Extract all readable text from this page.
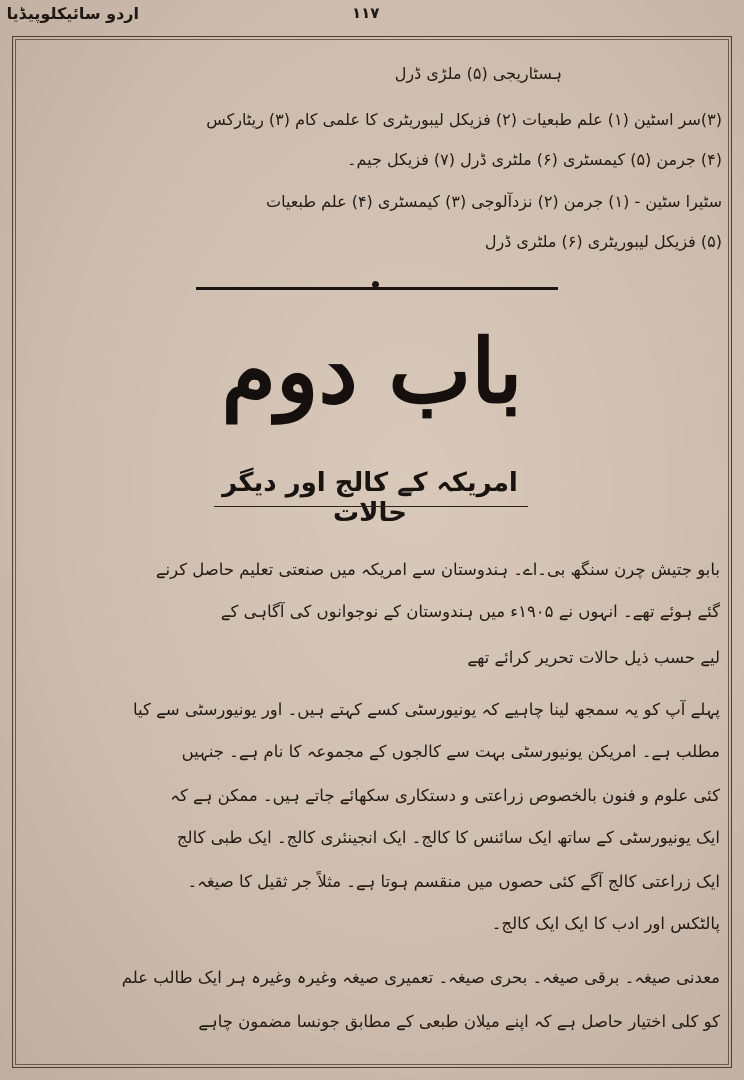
اردو سائیکلوپیڈیا	۱۱۷
ہسٹاریجی (۵) ملڑی ڈرل
(۳)سر اسٹین (۱) علم طبعیات (۲) فزیکل لیبوریٹری کا علمی کام (۳) ریٹارکس
(۴) جرمن (۵) کیمسٹری (۶) ملٹری ڈرل (۷) فزیکل جیم۔
سٹیرا سٹین - (۱) جرمن (۲) نزدآلوجی (۳) کیمسٹری (۴) علم طبعیات
(۵) فزیکل لیبوریٹری (۶) ملٹری ڈرل
باب دوم
امریکہ کے کالج اور دیگر حالات
بابو جتیش چرن سنگھ بی۔اے۔ ہندوستان سے امریکہ میں صنعتی تعلیم حاصل کرنے
گئے ہوئے تھے۔ انہوں نے ۱۹۰۵ء میں ہندوستان کے نوجوانوں کی آگاہی کے
لیے حسب ذیل حالات تحریر کرائے تھے
پہلے آپ کو یہ سمجھ لینا چاہیے کہ یونیورسٹی کسے کہتے ہیں۔ اور یونیورسٹی سے کیا
مطلب ہے۔ امریکن یونیورسٹی بہت سے کالجوں کے مجموعہ کا نام ہے۔ جنہیں
کئی علوم و فنون بالخصوص زراعتی و دستکاری سکھائے جاتے ہیں۔ ممکن ہے کہ
ایک یونیورسٹی کے ساتھ ایک سائنس کا کالج۔ ایک انجینئری کالج۔ ایک طبی کالج
ایک زراعتی کالج آگے کئی حصوں میں منقسم ہوتا ہے۔ مثلاً جر ثقیل کا صیغہ۔
پالٹکس اور ادب کا ایک ایک کالج۔
معدنی صیغہ۔ برقی صیغہ۔ بحری صیغہ۔ تعمیری صیغہ وغیرہ وغیرہ ہر ایک طالب علم
کو کلی اختیار حاصل ہے کہ اپنے میلان طبعی کے مطابق جونسا مضمون چاہے
